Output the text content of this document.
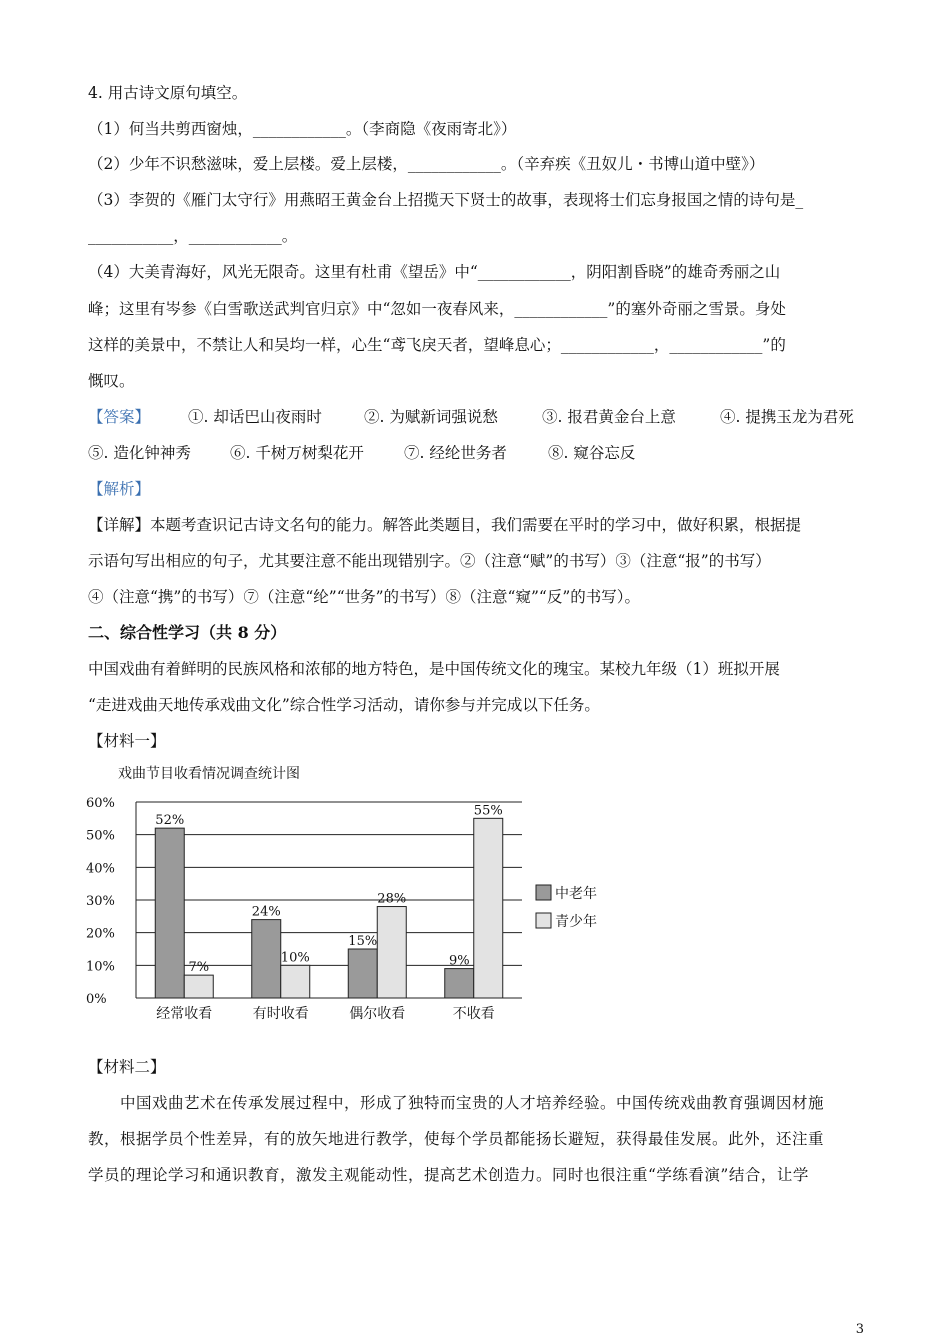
4. 用古诗文原句填空。
（1）何当共剪西窗烛，____________。（李商隐《夜雨寄北》）
（2）少年不识愁滋味，爱上层楼。爱上层楼，____________。（辛弃疾《丑奴儿・书博山道中壁》）
（3）李贺的《雁门太守行》用燕昭王黄金台上招揽天下贤士的故事，表现将士们忘身报国之情的诗句是_
___________，____________。
（4）大美青海好，风光无限奇。这里有杜甫《望岳》中“____________，阴阳割昏晓”的雄奇秀丽之山
峰；这里有岑参《白雪歌送武判官归京》中“忽如一夜春风来，____________”的塞外奇丽之雪景。身处
这样的美景中，不禁让人和吴均一样，心生“鸢飞戾天者，望峰息心；____________，____________”的
慨叹。
【答案】 ①. 却话巴山夜雨时	②. 为赋新词强说愁	③. 报君黄金台上意	④. 提携玉龙为君死
⑤. 造化钟神秀	⑥. 千树万树梨花开	⑦. 经纶世务者	⑧. 窥谷忘反
【解析】
【详解】本题考查识记古诗文名句的能力。解答此类题目，我们需要在平时的学习中，做好积累，根据提
示语句写出相应的句子，尤其要注意不能出现错别字。②（注意“赋”的书写）③（注意“报”的书写）
④（注意“携”的书写）⑦（注意“纶”“世务”的书写）⑧（注意“窥”“反”的书写）。
二、综合性学习（共 8 分）
中国戏曲有着鲜明的民族风格和浓郁的地方特色，是中国传统文化的瑰宝。某校九年级（1）班拟开展
“走进戏曲天地传承戏曲文化”综合性学习活动，请你参与并完成以下任务。
【材料一】
戏曲节目收看情况调查统计图
0%
10%
20%
30%
40%
50%
60%
52%
7%
经常收看
24%
10%
有时收看
15%
28%
偶尔收看
9%
55%
不收看
中老年
青少年
【材料二】
中国戏曲艺术在传承发展过程中，形成了独特而宝贵的人才培养经验。中国传统戏曲教育强调因材施
教，根据学员个性差异，有的放矢地进行教学，使每个学员都能扬长避短，获得最佳发展。此外，还注重
学员的理论学习和通识教育，激发主观能动性，提高艺术创造力。同时也很注重“学练看演”结合，让学
3
